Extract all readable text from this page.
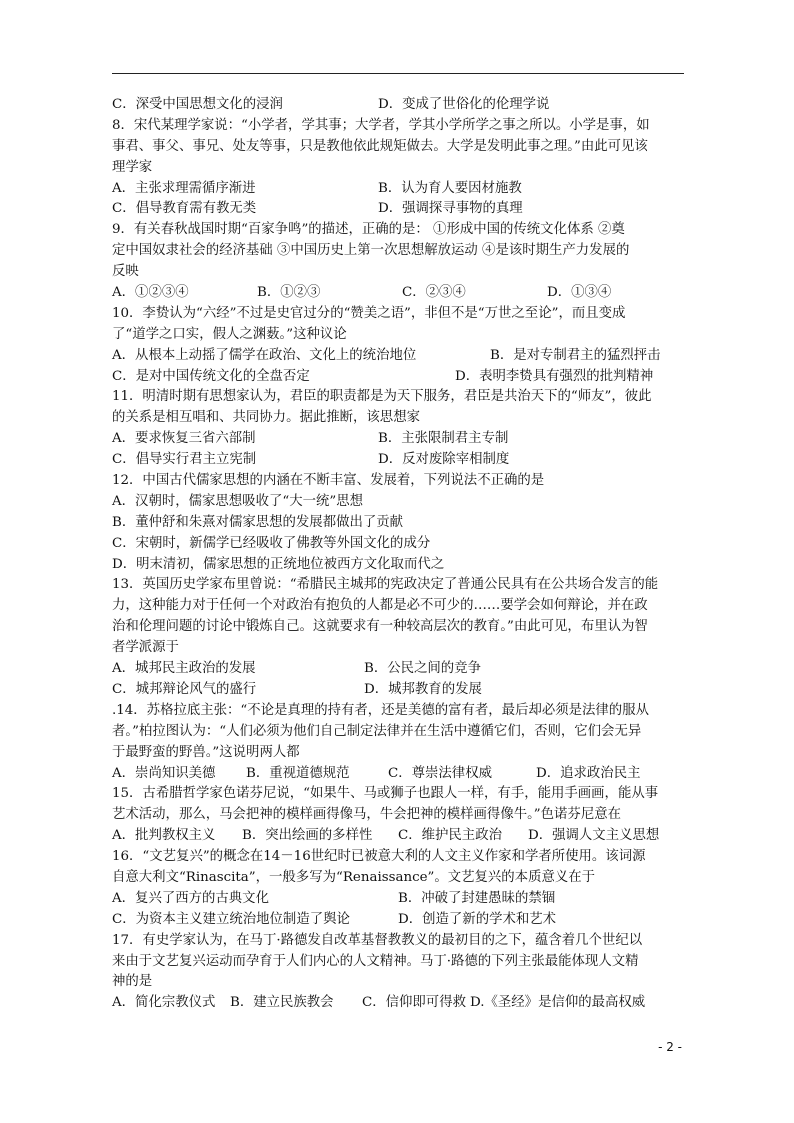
C．深受中国思想文化的浸润	D．变成了世俗化的伦理学说
8．宋代某理学家说：“小学者，学其事；大学者，学其小学所学之事之所以。小学是事，如
事君、事父、事兄、处友等事，只是教他依此规矩做去。大学是发明此事之理。”由此可见该
理学家
A．主张求理需循序渐进	B．认为育人要因材施教
C．倡导教育需有教无类	D．强调探寻事物的真理
9．有关春秋战国时期“百家争鸣”的描述，正确的是： ①形成中国的传统文化体系 ②奠
定中国奴隶社会的经济基础 ③中国历史上第一次思想解放运动 ④是该时期生产力发展的
反映
A．①②③④	B．①②③	C．②③④	D．①③④
10．李贽认为“六经”不过是史官过分的“赞美之语”，非但不是“万世之至论”，而且变成
了“道学之口实，假人之渊薮。”这种议论
A．从根本上动摇了儒学在政治、文化上的统治地位	B．是对专制君主的猛烈抨击
C．是对中国传统文化的全盘否定	D．表明李贽具有强烈的批判精神
11．明清时期有思想家认为，君臣的职责都是为天下服务，君臣是共治天下的“师友”，彼此
的关系是相互唱和、共同协力。据此推断，该思想家
A．要求恢复三省六部制	B．主张限制君主专制
C．倡导实行君主立宪制	D．反对废除宰相制度
12．中国古代儒家思想的内涵在不断丰富、发展着，下列说法不正确的是
A．汉朝时，儒家思想吸收了“大一统”思想
B．董仲舒和朱熹对儒家思想的发展都做出了贡献
C．宋朝时，新儒学已经吸收了佛教等外国文化的成分
D．明末清初，儒家思想的正统地位被西方文化取而代之
13．英国历史学家布里曾说：“希腊民主城邦的宪政决定了普通公民具有在公共场合发言的能
力，这种能力对于任何一个对政治有抱负的人都是必不可少的……要学会如何辩论，并在政
治和伦理问题的讨论中锻炼自己。这就要求有一种较高层次的教育。”由此可见，布里认为智
者学派源于
A．城邦民主政治的发展	B．公民之间的竞争
C．城邦辩论风气的盛行	D．城邦教育的发展
.14．苏格拉底主张：“不论是真理的持有者，还是美德的富有者，最后却必须是法律的服从
者。”柏拉图认为：“人们必须为他们自己制定法律并在生活中遵循它们，否则，它们会无异
于最野蛮的野兽。”这说明两人都
A．崇尚知识美德	B．重视道德规范	C．尊崇法律权威	D．追求政治民主
15．古希腊哲学家色诺芬尼说，“如果牛、马或狮子也跟人一样，有手，能用手画画，能从事
艺术活动，那么，马会把神的模样画得像马，牛会把神的模样画得像牛。”色诺芬尼意在
A．批判教权主义	B．突出绘画的多样性	C．维护民主政治	D．强调人文主义思想
16．“文艺复兴”的概念在14－16世纪时已被意大利的人文主义作家和学者所使用。该词源
自意大利文“Rinascita”，一般多写为“Renaissance”。文艺复兴的本质意义在于
A．复兴了西方的古典文化	B．冲破了封建愚昧的禁锢
C．为资本主义建立统治地位制造了舆论	D．创造了新的学术和艺术
17．有史学家认为，在马丁·路德发自改革基督教教义的最初目的之下，蕴含着几个世纪以
来由于文艺复兴运动而孕育于人们内心的人文精神。马丁·路德的下列主张最能体现人文精
神的是
A．简化宗教仪式	B．建立民族教会	C．信仰即可得救 D.《圣经》是信仰的最高权威
- 2 -
